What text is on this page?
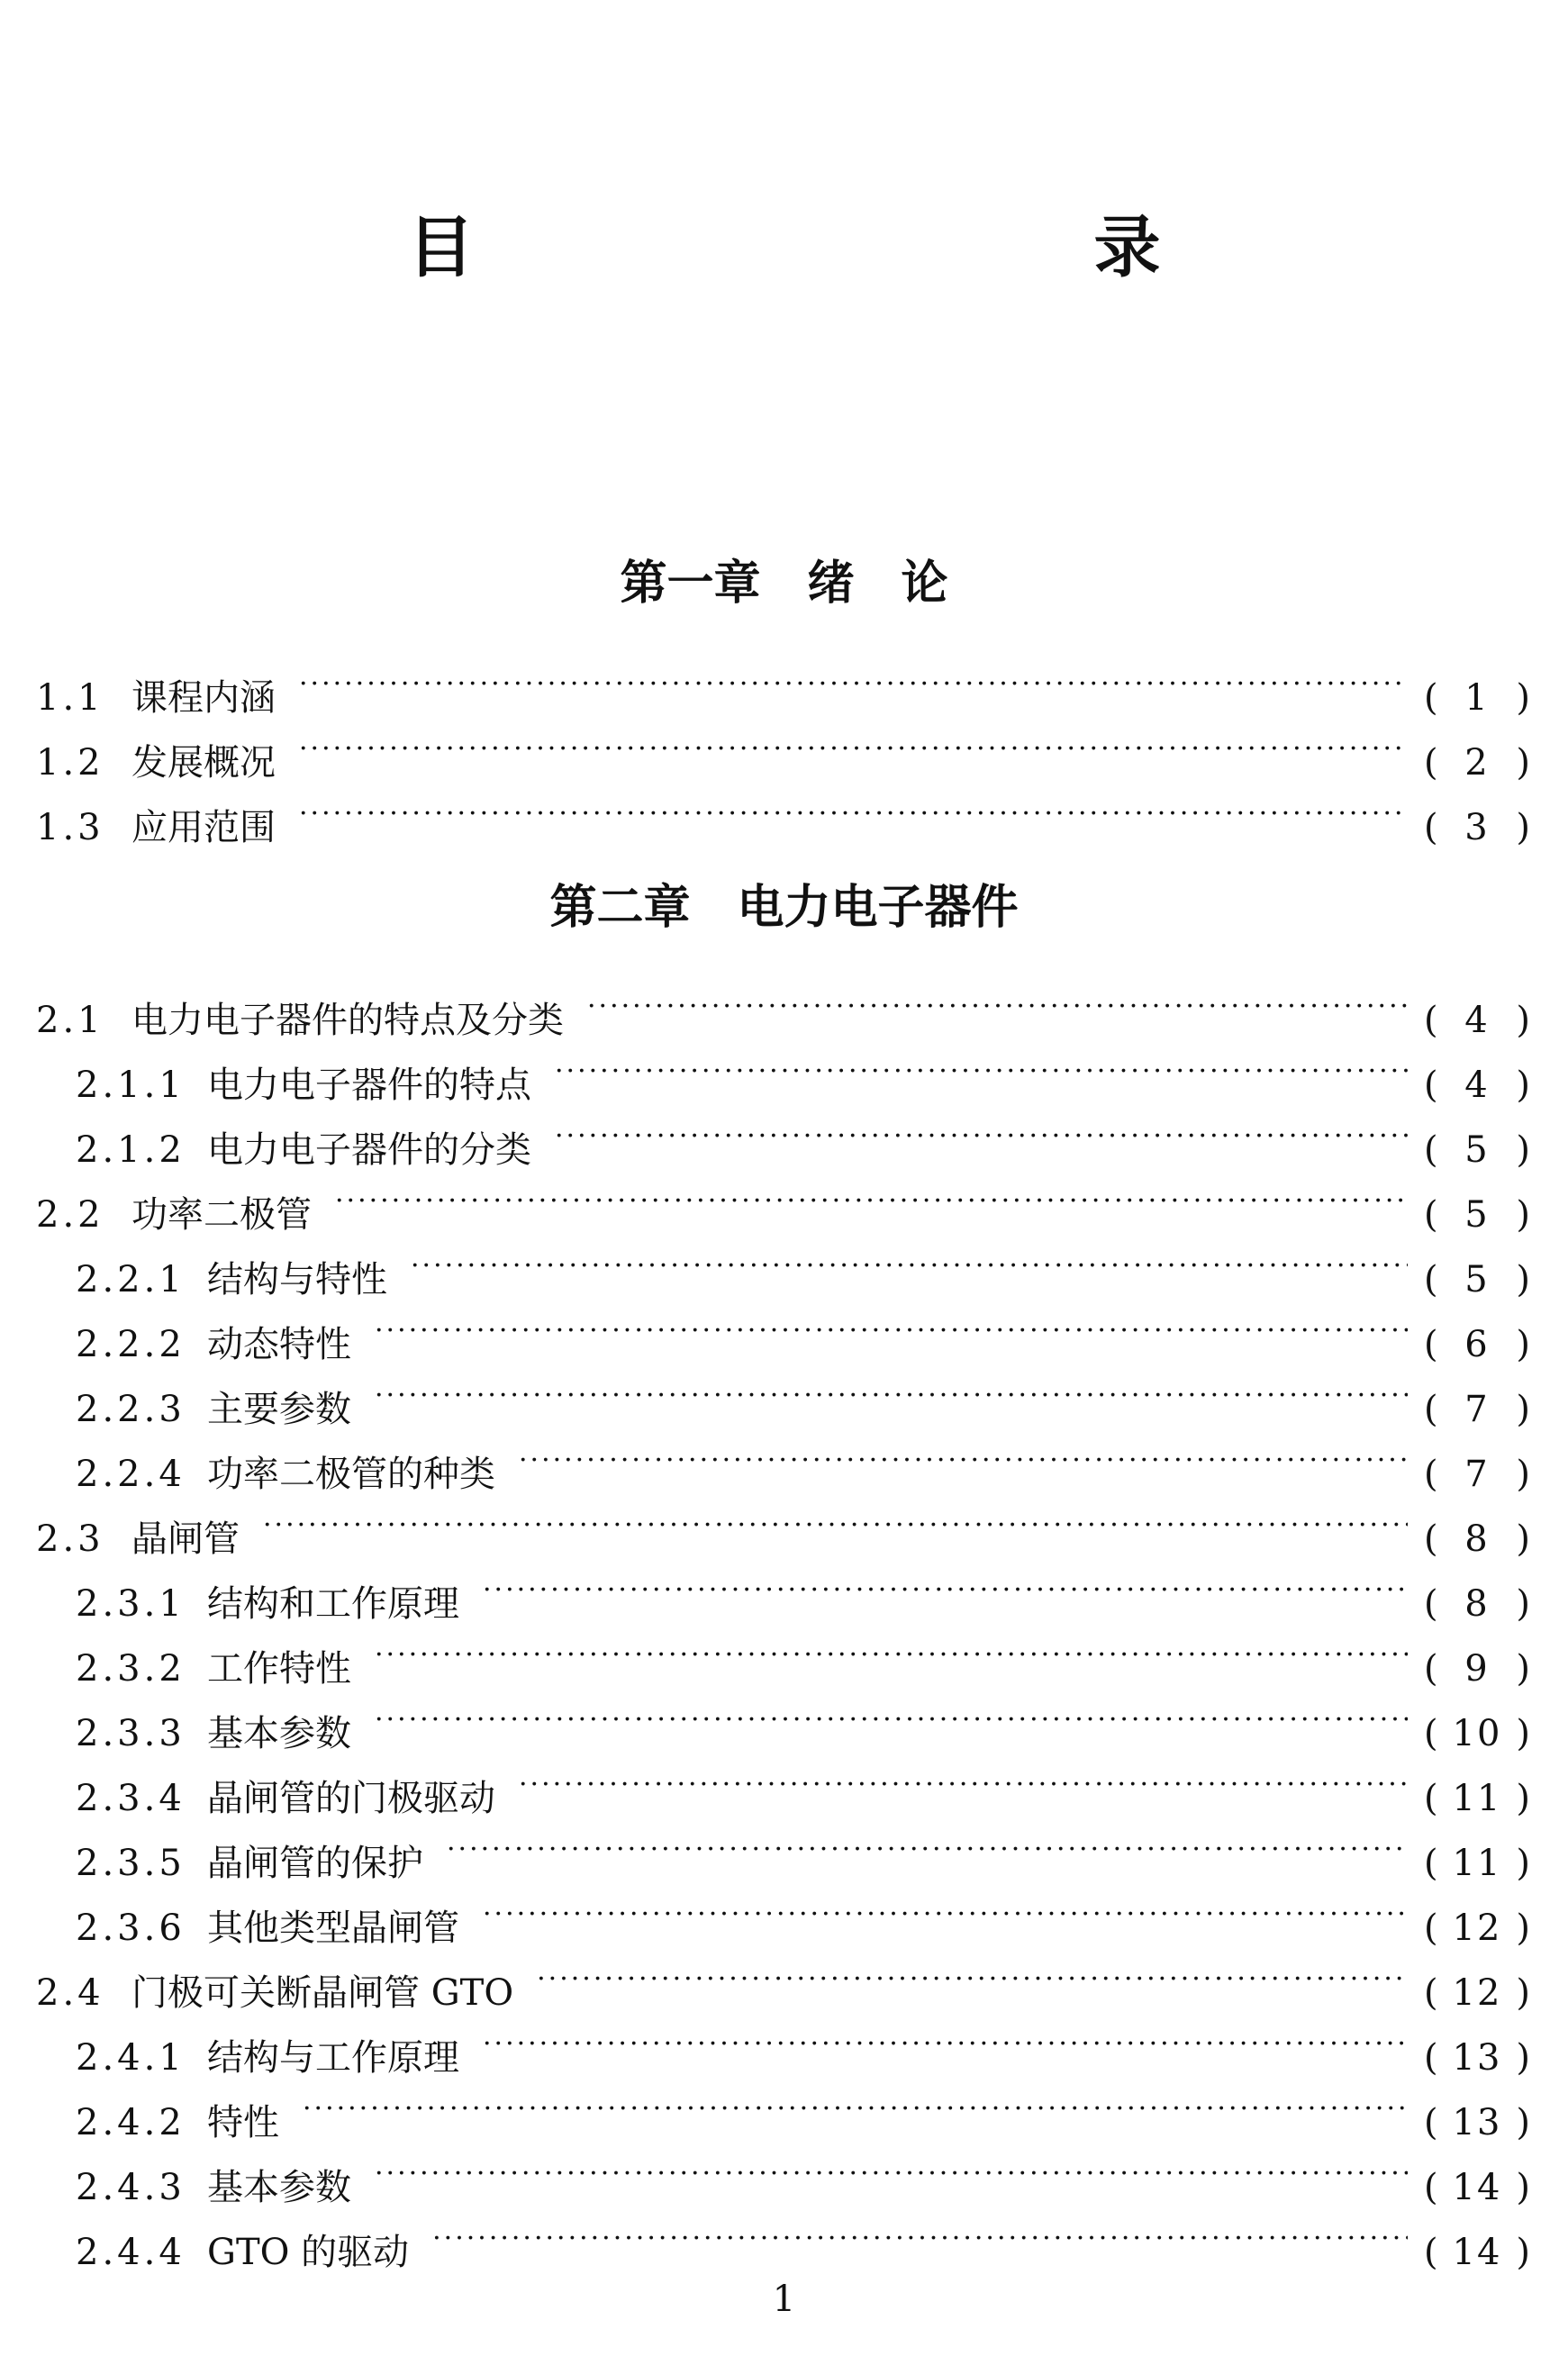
目　　录
第一章　绪　论
1.1 课程内涵 ·····	( 1 )
1.2 发展概况 ·····	( 2 )
1.3 应用范围 ·····	( 3 )
第二章　电力电子器件
2.1 电力电子器件的特点及分类 ·····	( 4 )
2.1.1 电力电子器件的特点 ·····	( 4 )
2.1.2 电力电子器件的分类 ·····	( 5 )
2.2 功率二极管 ·····	( 5 )
2.2.1 结构与特性 ·····	( 5 )
2.2.2 动态特性 ·····	( 6 )
2.2.3 主要参数 ·····	( 7 )
2.2.4 功率二极管的种类 ·····	( 7 )
2.3 晶闸管 ·····	( 8 )
2.3.1 结构和工作原理 ·····	( 8 )
2.3.2 工作特性 ·····	( 9 )
2.3.3 基本参数 ·····	( 10 )
2.3.4 晶闸管的门极驱动 ·····	( 11 )
2.3.5 晶闸管的保护 ·····	( 11 )
2.3.6 其他类型晶闸管 ·····	( 12 )
2.4 门极可关断晶闸管 GTO ·····	( 12 )
2.4.1 结构与工作原理 ·····	( 13 )
2.4.2 特性 ·····	( 13 )
2.4.3 基本参数 ·····	( 14 )
2.4.4 GTO 的驱动 ·····	( 14 )
1
